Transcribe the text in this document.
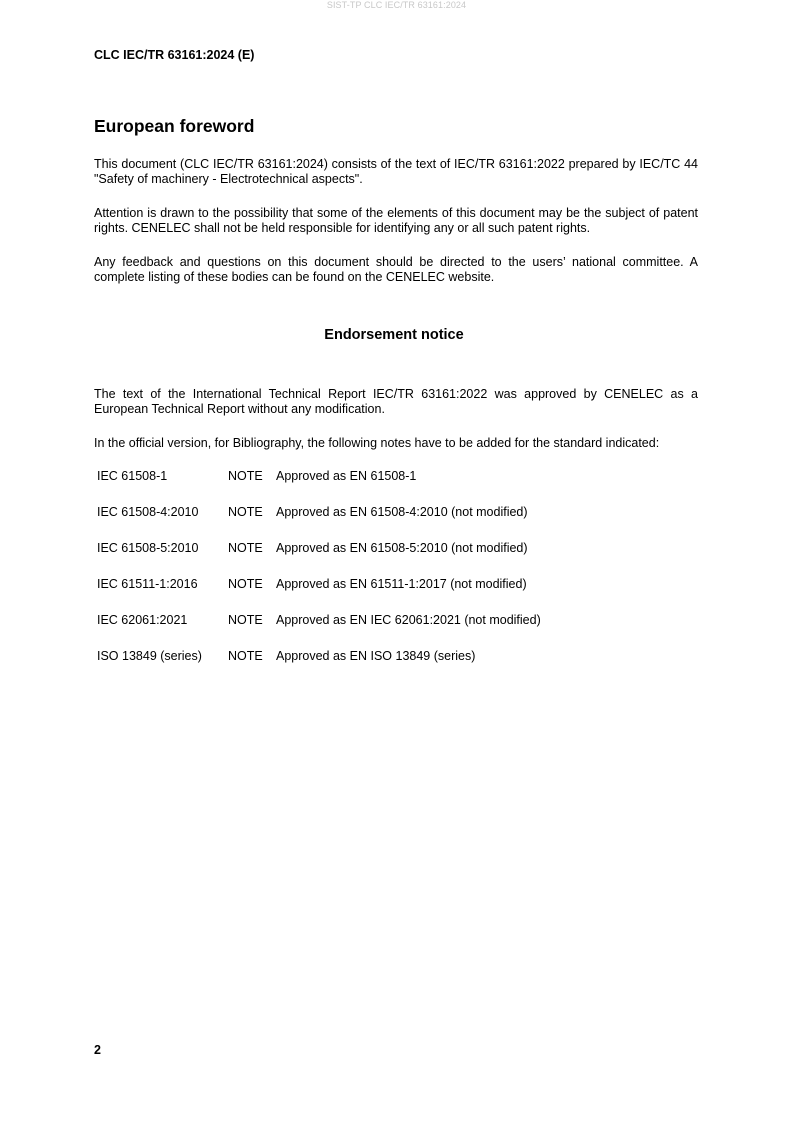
SIST-TP CLC IEC/TR 63161:2024
CLC IEC/TR 63161:2024 (E)
European foreword

This document (CLC IEC/TR 63161:2024) consists of the text of IEC/TR 63161:2022 prepared by IEC/TC 44 "Safety of machinery - Electrotechnical aspects".

Attention is drawn to the possibility that some of the elements of this document may be the subject of patent rights. CENELEC shall not be held responsible for identifying any or all such patent rights.

Any feedback and questions on this document should be directed to the users’ national committee. A complete listing of these bodies can be found on the CENELEC website.

Endorsement notice

The text of the International Technical Report IEC/TR 63161:2022 was approved by CENELEC as a European Technical Report without any modification.

In the official version, for Bibliography, the following notes have to be added for the standard indicated:

IEC 61508-1	NOTE	Approved as EN 61508-1
IEC 61508-4:2010	NOTE	Approved as EN 61508-4:2010 (not modified)
IEC 61508-5:2010	NOTE	Approved as EN 61508-5:2010 (not modified)
IEC 61511-1:2016	NOTE	Approved as EN 61511-1:2017 (not modified)
IEC 62061:2021	NOTE	Approved as EN IEC 62061:2021 (not modified)
ISO 13849 (series)	NOTE	Approved as EN ISO 13849 (series)
2
